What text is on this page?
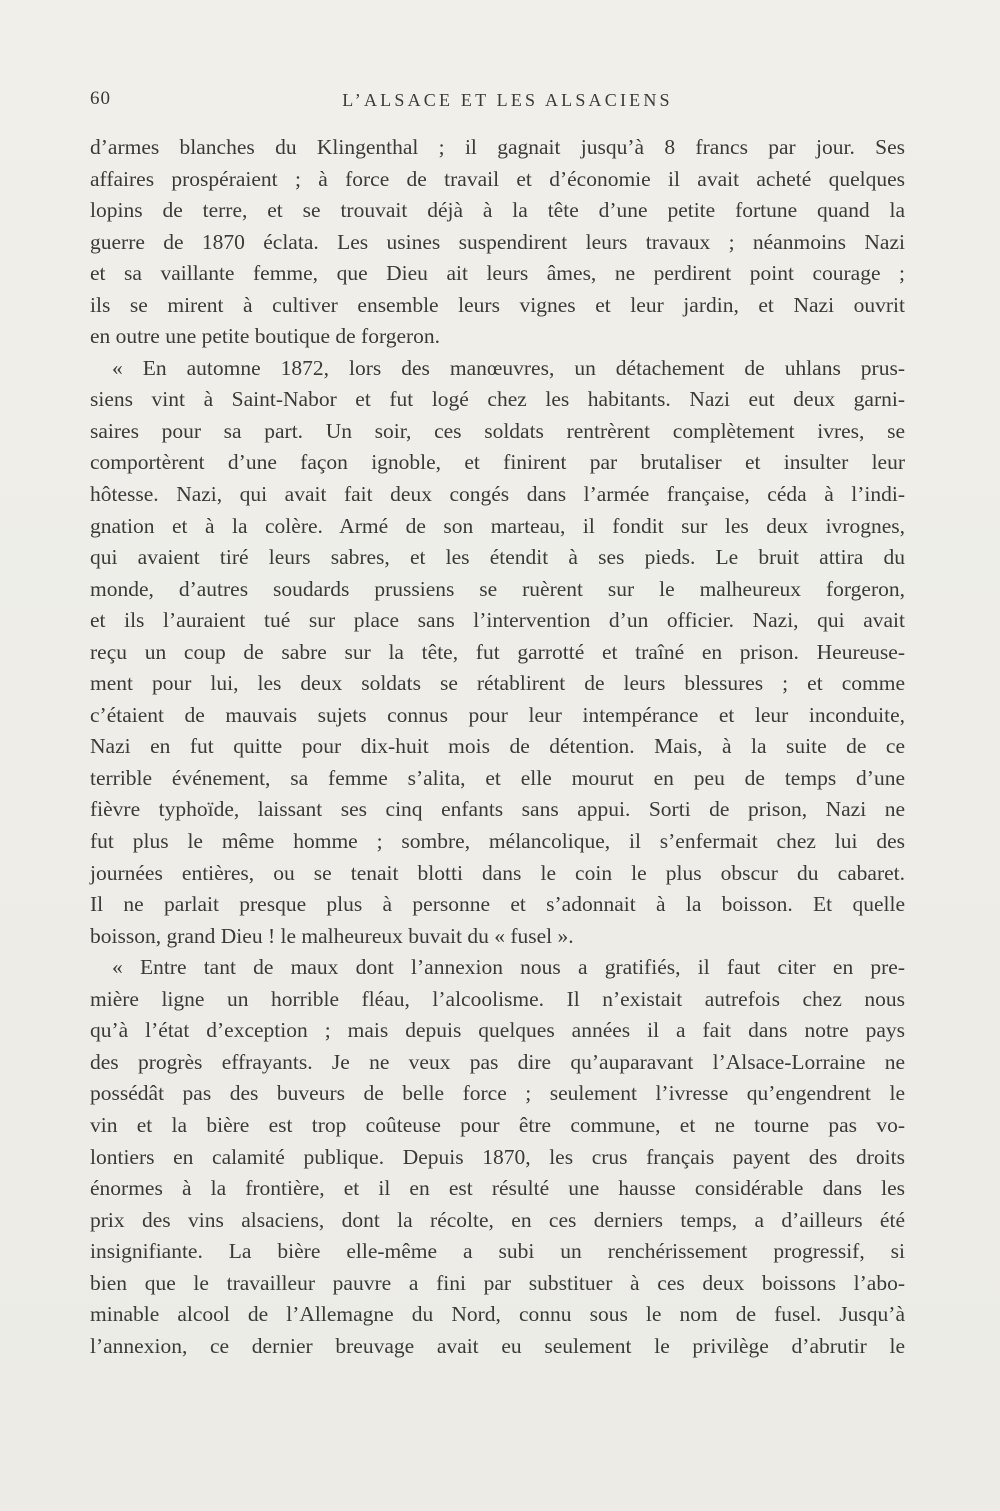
60	L’ALSACE ET LES ALSACIENS
d’armes blanches du Klingenthal ; il gagnait jusqu’à 8 francs par jour. Ses
affaires prospéraient ; à force de travail et d’économie il avait acheté quelques
lopins de terre, et se trouvait déjà à la tête d’une petite fortune quand la
guerre de 1870 éclata. Les usines suspendirent leurs travaux ; néanmoins Nazi
et sa vaillante femme, que Dieu ait leurs âmes, ne perdirent point courage ;
ils se mirent à cultiver ensemble leurs vignes et leur jardin, et Nazi ouvrit
en outre une petite boutique de forgeron.
« En automne 1872, lors des manœuvres, un détachement de uhlans prus-
siens vint à Saint-Nabor et fut logé chez les habitants. Nazi eut deux garni-
saires pour sa part. Un soir, ces soldats rentrèrent complètement ivres, se
comportèrent d’une façon ignoble, et finirent par brutaliser et insulter leur
hôtesse. Nazi, qui avait fait deux congés dans l’armée française, céda à l’indi-
gnation et à la colère. Armé de son marteau, il fondit sur les deux ivrognes,
qui avaient tiré leurs sabres, et les étendit à ses pieds. Le bruit attira du
monde, d’autres soudards prussiens se ruèrent sur le malheureux forgeron,
et ils l’auraient tué sur place sans l’intervention d’un officier. Nazi, qui avait
reçu un coup de sabre sur la tête, fut garrotté et traîné en prison. Heureuse-
ment pour lui, les deux soldats se rétablirent de leurs blessures ; et comme
c’étaient de mauvais sujets connus pour leur intempérance et leur inconduite,
Nazi en fut quitte pour dix-huit mois de détention. Mais, à la suite de ce
terrible événement, sa femme s’alita, et elle mourut en peu de temps d’une
fièvre typhoïde, laissant ses cinq enfants sans appui. Sorti de prison, Nazi ne
fut plus le même homme ; sombre, mélancolique, il s’enfermait chez lui des
journées entières, ou se tenait blotti dans le coin le plus obscur du cabaret.
Il ne parlait presque plus à personne et s’adonnait à la boisson. Et quelle
boisson, grand Dieu ! le malheureux buvait du « fusel ».
« Entre tant de maux dont l’annexion nous a gratifiés, il faut citer en pre-
mière ligne un horrible fléau, l’alcoolisme. Il n’existait autrefois chez nous
qu’à l’état d’exception ; mais depuis quelques années il a fait dans notre pays
des progrès effrayants. Je ne veux pas dire qu’auparavant l’Alsace-Lorraine ne
possédât pas des buveurs de belle force ; seulement l’ivresse qu’engendrent le
vin et la bière est trop coûteuse pour être commune, et ne tourne pas vo-
lontiers en calamité publique. Depuis 1870, les crus français payent des droits
énormes à la frontière, et il en est résulté une hausse considérable dans les
prix des vins alsaciens, dont la récolte, en ces derniers temps, a d’ailleurs été
insignifiante. La bière elle-même a subi un renchérissement progressif, si
bien que le travailleur pauvre a fini par substituer à ces deux boissons l’abo-
minable alcool de l’Allemagne du Nord, connu sous le nom de fusel. Jusqu’à
l’annexion, ce dernier breuvage avait eu seulement le privilège d’abrutir le
